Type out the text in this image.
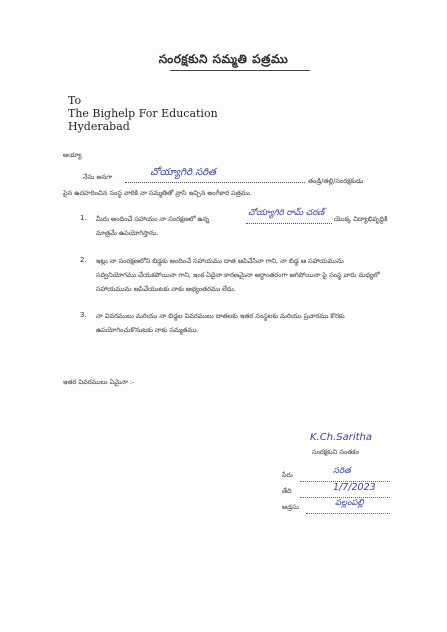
సంరక్షకుని సమ్మతి పత్రము
To
The Bighelp For Education
Hyderabad
అయ్యా
నేను అనగా	చోయ్యాగిరి సరిత
తండ్రి/తల్లి/సంరక్షకుడు
పైన ఉదహరించిన సంస్థ వారికి నా సమ్మతితో వ్రాసి ఇచ్చిన అంగీకార పత్రము.
1. మీరు అందించే సహాయం నా సంరక్షణలో ఉన్న
చోయ్యాగిరి రామ్ చరణ్
యొక్క విద్యాభివృద్ధికి
మాత్రమే ఉపయోగిస్తాను.
2. ఇట్లు నా సంరక్షణలోని బిడ్డకు అందించే సహాయము దాత ఆపివేసినా గాని, నా బిడ్డ ఆ సహాయమును
సద్వినియోగము చేయకపోయినా గాని, ఇంక ఏదైనా కారణమైనా అర్థాంతరంగా ఆగిపోయినా పై సంస్థ వారు మధ్యలో
సహాయమును ఆపివేయుటకు నాకు అభ్యంతరము లేదు.
3. నా వివరములు మరియు నా బిడ్డల వివరములు దాతలకు ఇతర సంస్థలకు మరియు ప్రచారము కొరకు
ఉపయోగించుకొనుటకు నాకు సమ్మతము.
ఇతర వివరములు ఏమైనా :-
K.Ch.Saritha
సంరక్షకుని సంతకం
పేరు	సరిత
తేది	1/7/2023
అడ్రసు	పల్లంపల్లి
